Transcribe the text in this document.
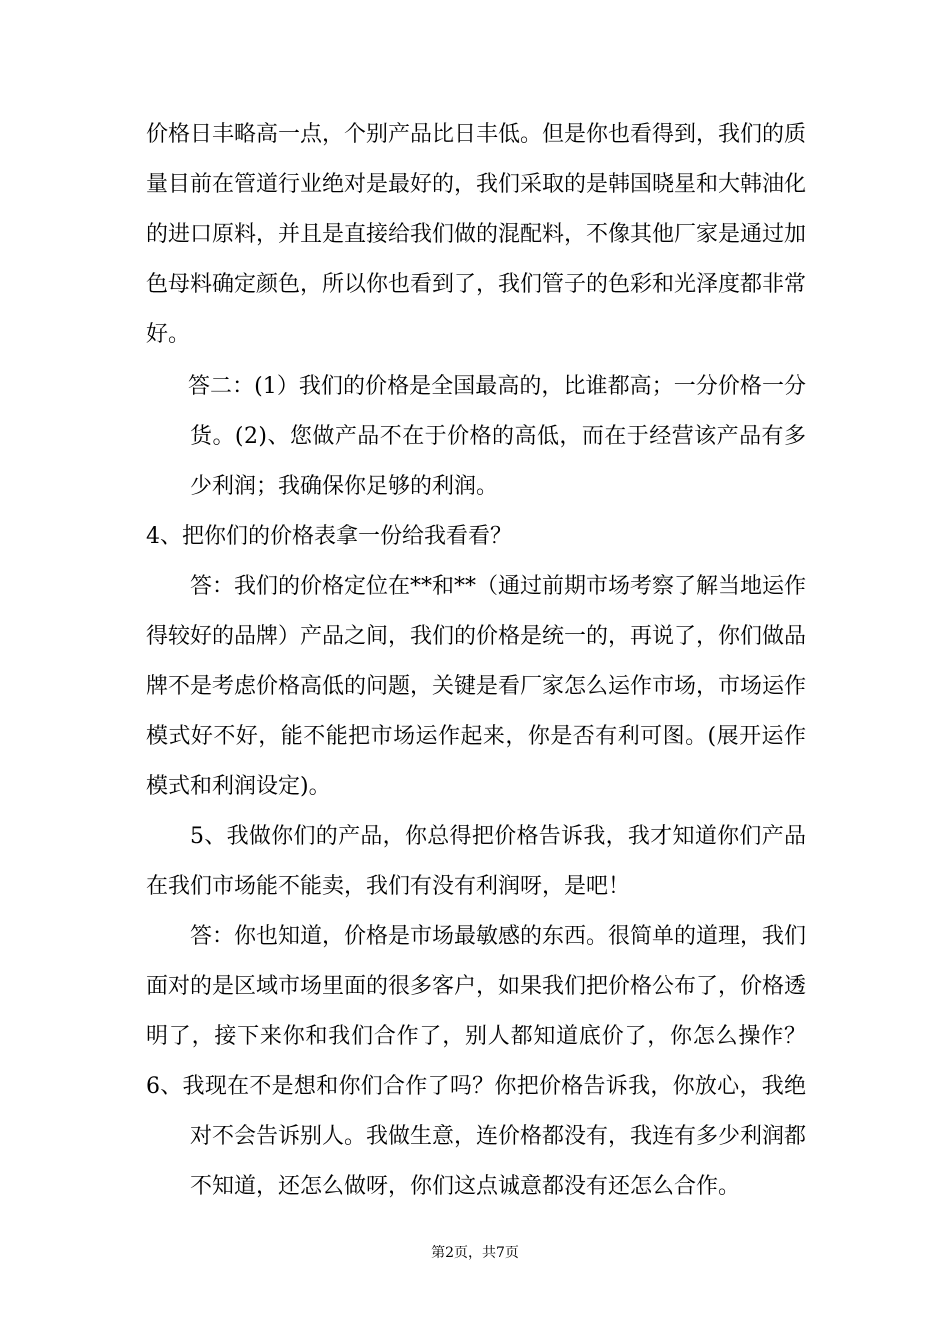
价格日丰略高一点，个别产品比日丰低。但是你也看得到，我们的质
量目前在管道行业绝对是最好的，我们采取的是韩国晓星和大韩油化
的进口原料，并且是直接给我们做的混配料，不像其他厂家是通过加
色母料确定颜色，所以你也看到了，我们管子的色彩和光泽度都非常
好。
答二：(1）我们的价格是全国最高的，比谁都高；一分价格一分
货。(2)、您做产品不在于价格的高低，而在于经营该产品有多
少利润；我确保你足够的利润。
4、把你们的价格表拿一份给我看看？
答：我们的价格定位在**和**（通过前期市场考察了解当地运作
得较好的品牌）产品之间，我们的价格是统一的，再说了，你们做品
牌不是考虑价格高低的问题，关键是看厂家怎么运作市场，市场运作
模式好不好，能不能把市场运作起来，你是否有利可图。(展开运作
模式和利润设定)。
5、我做你们的产品，你总得把价格告诉我，我才知道你们产品
在我们市场能不能卖，我们有没有利润呀，是吧！
答：你也知道，价格是市场最敏感的东西。很简单的道理，我们
面对的是区域市场里面的很多客户，如果我们把价格公布了，价格透
明了，接下来你和我们合作了，别人都知道底价了，你怎么操作？
6、我现在不是想和你们合作了吗？你把价格告诉我，你放心，我绝
对不会告诉别人。我做生意，连价格都没有，我连有多少利润都
不知道，还怎么做呀，你们这点诚意都没有还怎么合作。
第2页，共7页
